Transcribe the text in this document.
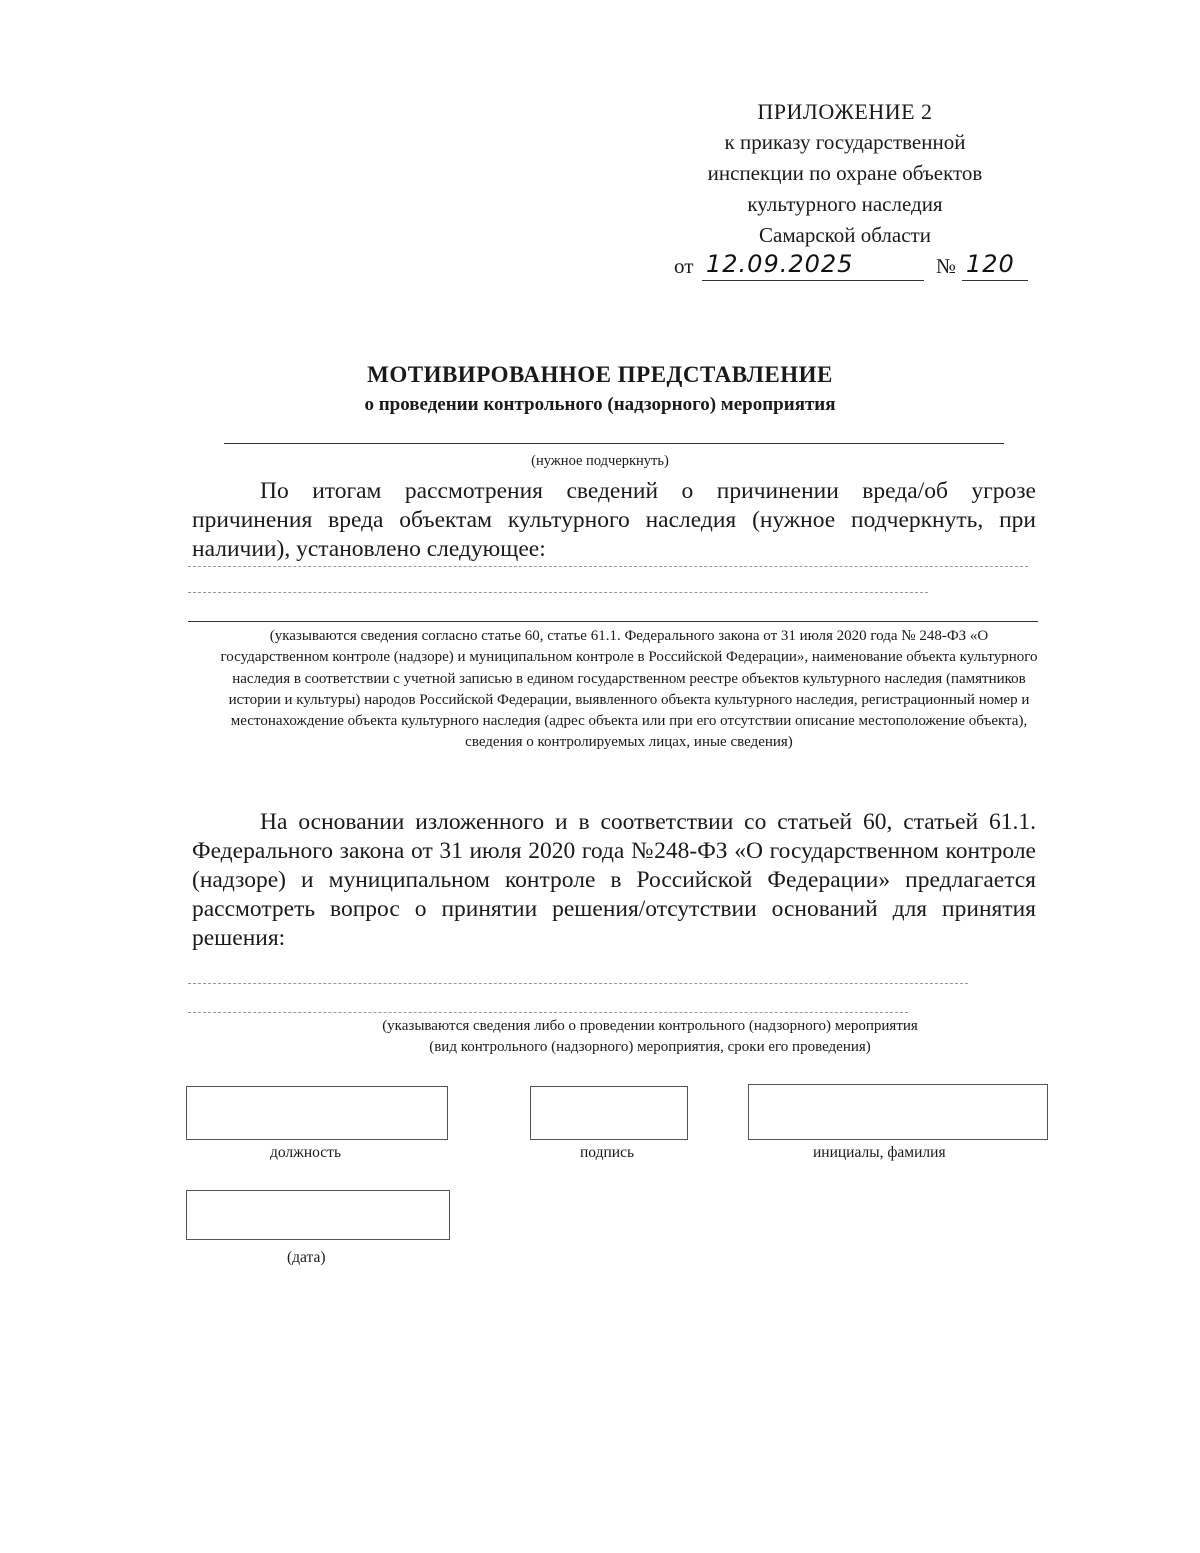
ПРИЛОЖЕНИЕ 2
к приказу государственной
инспекции по охране объектов
культурного наследия
Самарской области
от 12.09.2025	№ 120
МОТИВИРОВАННОЕ ПРЕДСТАВЛЕНИЕ
о проведении контрольного (надзорного) мероприятия
(нужное подчеркнуть)
По итогам рассмотрения сведений о причинении вреда/об угрозе причинения вреда объектам культурного наследия (нужное подчеркнуть, при наличии), установлено следующее:
(указываются сведения согласно статье 60, статье 61.1. Федерального закона от 31 июля 2020 года № 248-ФЗ «О государственном контроле (надзоре) и муниципальном контроле в Российской Федерации», наименование объекта культурного наследия в соответствии с учетной записью в едином государственном реестре объектов культурного наследия (памятников истории и культуры) народов Российской Федерации, выявленного объекта культурного наследия, регистрационный номер и местонахождение объекта культурного наследия (адрес объекта или при его отсутствии описание местоположение объекта), сведения о контролируемых лицах, иные сведения)
На основании изложенного и в соответствии со статьей 60, статьей 61.1. Федерального закона от 31 июля 2020 года №248-ФЗ «О государственном контроле (надзоре) и муниципальном контроле в Российской Федерации» предлагается рассмотреть вопрос о принятии решения/отсутствии оснований для принятия решения:
(указываются сведения либо о проведении контрольного (надзорного) мероприятия
(вид контрольного (надзорного) мероприятия, сроки его проведения)
должность	подпись	инициалы, фамилия
(дата)
